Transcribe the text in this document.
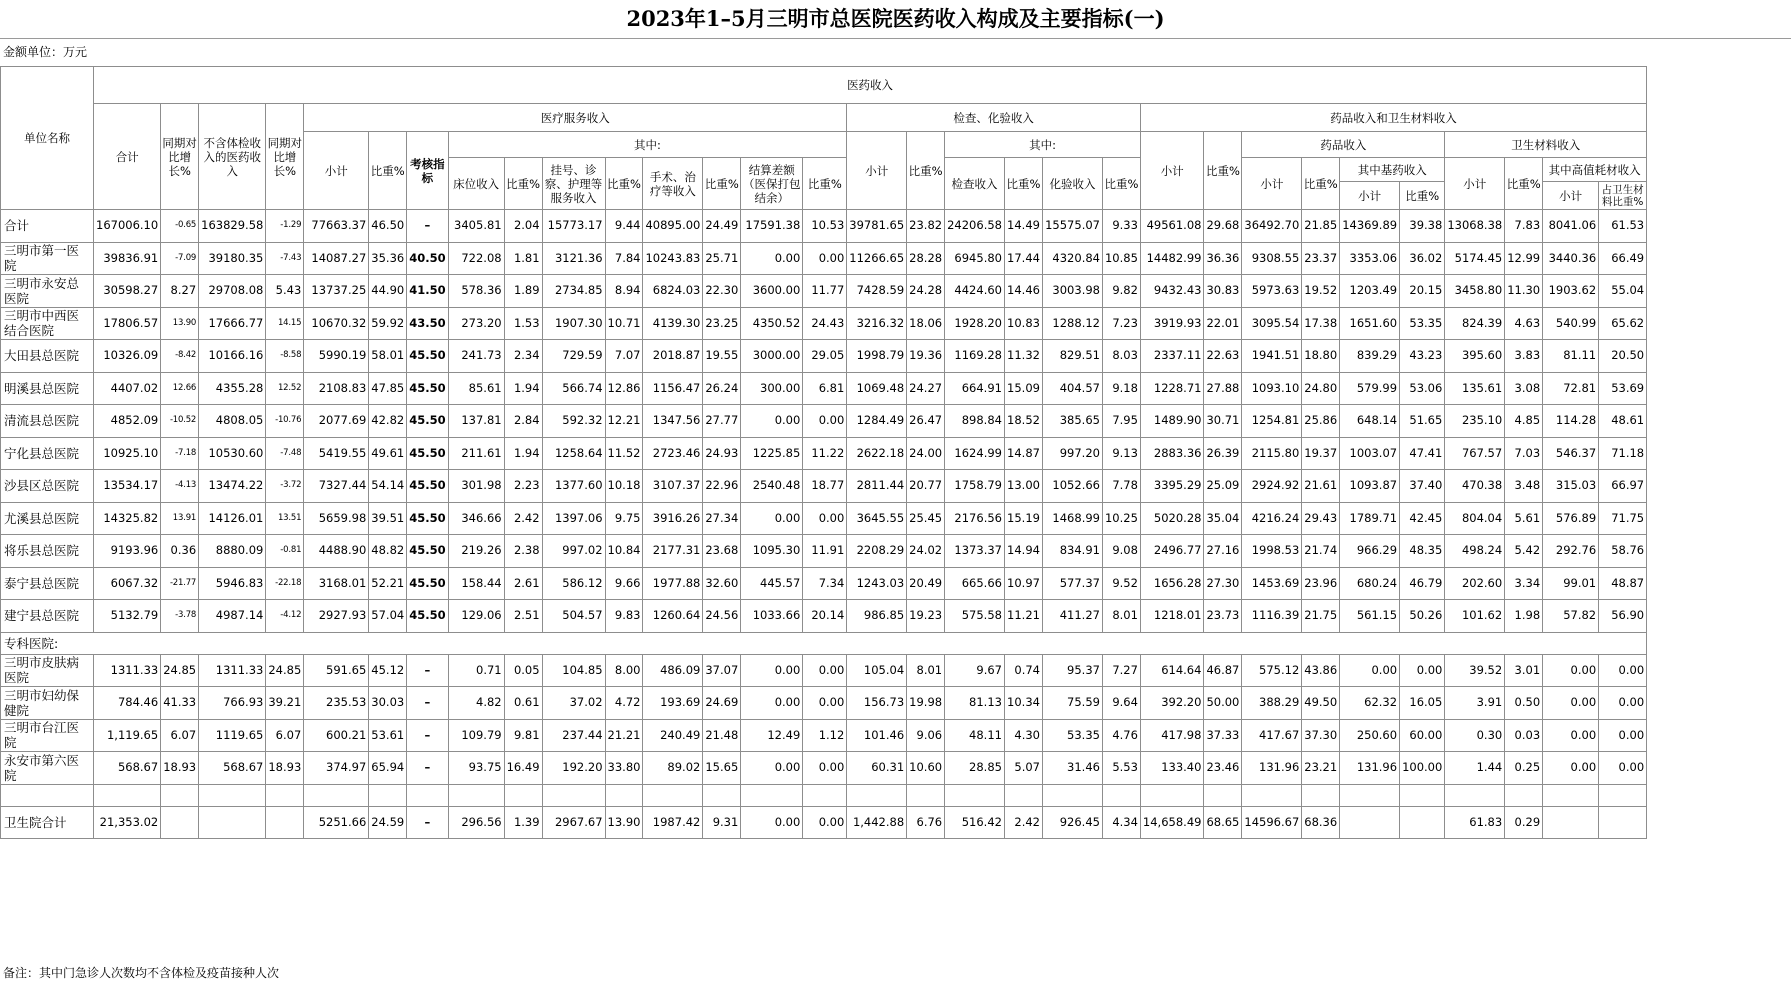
2023年1–5月三明市总医院医药收入构成及主要指标(一)
金额单位：万元
单位名称	医药收入																														
	合计	同期对比增长%	不含体检收入的医药收入	同期对比增长%	医疗服务收入											检查、化验收入						药品收入和卫生材料收入									
					小计	比重%	考核指标	其中:								小计	比重%	其中:				小计	比重%	药品收入				卫生材料收入			
								床位收入	比重%	挂号、诊察、护理等服务收入	比重%	手术、治疗等收入	比重%	结算差额（医保打包结余）	比重%			检查收入	比重%	化验收入	比重%			小计	比重%	其中基药收入		小计	比重%	其中高值耗材收入	
																										小计	比重%			小计	占卫生材料比重%
合计	167006.10	-0.65	163829.58	-1.29	77663.37	46.50	–	3405.81	2.04	15773.17	9.44	40895.00	24.49	17591.38	10.53	39781.65	23.82	24206.58	14.49	15575.07	9.33	49561.08	29.68	36492.70	21.85	14369.89	39.38	13068.38	7.83	8041.06	61.53
三明市第一医院	39836.91	-7.09	39180.35	-7.43	14087.27	35.36	40.50	722.08	1.81	3121.36	7.84	10243.83	25.71	0.00	0.00	11266.65	28.28	6945.80	17.44	4320.84	10.85	14482.99	36.36	9308.55	23.37	3353.06	36.02	5174.45	12.99	3440.36	66.49
三明市永安总医院	30598.27	8.27	29708.08	5.43	13737.25	44.90	41.50	578.36	1.89	2734.85	8.94	6824.03	22.30	3600.00	11.77	7428.59	24.28	4424.60	14.46	3003.98	9.82	9432.43	30.83	5973.63	19.52	1203.49	20.15	3458.80	11.30	1903.62	55.04
三明市中西医结合医院	17806.57	13.90	17666.77	14.15	10670.32	59.92	43.50	273.20	1.53	1907.30	10.71	4139.30	23.25	4350.52	24.43	3216.32	18.06	1928.20	10.83	1288.12	7.23	3919.93	22.01	3095.54	17.38	1651.60	53.35	824.39	4.63	540.99	65.62
大田县总医院	10326.09	-8.42	10166.16	-8.58	5990.19	58.01	45.50	241.73	2.34	729.59	7.07	2018.87	19.55	3000.00	29.05	1998.79	19.36	1169.28	11.32	829.51	8.03	2337.11	22.63	1941.51	18.80	839.29	43.23	395.60	3.83	81.11	20.50
明溪县总医院	4407.02	12.66	4355.28	12.52	2108.83	47.85	45.50	85.61	1.94	566.74	12.86	1156.47	26.24	300.00	6.81	1069.48	24.27	664.91	15.09	404.57	9.18	1228.71	27.88	1093.10	24.80	579.99	53.06	135.61	3.08	72.81	53.69
清流县总医院	4852.09	-10.52	4808.05	-10.76	2077.69	42.82	45.50	137.81	2.84	592.32	12.21	1347.56	27.77	0.00	0.00	1284.49	26.47	898.84	18.52	385.65	7.95	1489.90	30.71	1254.81	25.86	648.14	51.65	235.10	4.85	114.28	48.61
宁化县总医院	10925.10	-7.18	10530.60	-7.48	5419.55	49.61	45.50	211.61	1.94	1258.64	11.52	2723.46	24.93	1225.85	11.22	2622.18	24.00	1624.99	14.87	997.20	9.13	2883.36	26.39	2115.80	19.37	1003.07	47.41	767.57	7.03	546.37	71.18
沙县区总医院	13534.17	-4.13	13474.22	-3.72	7327.44	54.14	45.50	301.98	2.23	1377.60	10.18	3107.37	22.96	2540.48	18.77	2811.44	20.77	1758.79	13.00	1052.66	7.78	3395.29	25.09	2924.92	21.61	1093.87	37.40	470.38	3.48	315.03	66.97
尤溪县总医院	14325.82	13.91	14126.01	13.51	5659.98	39.51	45.50	346.66	2.42	1397.06	9.75	3916.26	27.34	0.00	0.00	3645.55	25.45	2176.56	15.19	1468.99	10.25	5020.28	35.04	4216.24	29.43	1789.71	42.45	804.04	5.61	576.89	71.75
将乐县总医院	9193.96	0.36	8880.09	-0.81	4488.90	48.82	45.50	219.26	2.38	997.02	10.84	2177.31	23.68	1095.30	11.91	2208.29	24.02	1373.37	14.94	834.91	9.08	2496.77	27.16	1998.53	21.74	966.29	48.35	498.24	5.42	292.76	58.76
泰宁县总医院	6067.32	-21.77	5946.83	-22.18	3168.01	52.21	45.50	158.44	2.61	586.12	9.66	1977.88	32.60	445.57	7.34	1243.03	20.49	665.66	10.97	577.37	9.52	1656.28	27.30	1453.69	23.96	680.24	46.79	202.60	3.34	99.01	48.87
建宁县总医院	5132.79	-3.78	4987.14	-4.12	2927.93	57.04	45.50	129.06	2.51	504.57	9.83	1260.64	24.56	1033.66	20.14	986.85	19.23	575.58	11.21	411.27	8.01	1218.01	23.73	1116.39	21.75	561.15	50.26	101.62	1.98	57.82	56.90
专科医院:																															
三明市皮肤病医院	1311.33	24.85	1311.33	24.85	591.65	45.12	–	0.71	0.05	104.85	8.00	486.09	37.07	0.00	0.00	105.04	8.01	9.67	0.74	95.37	7.27	614.64	46.87	575.12	43.86	0.00	0.00	39.52	3.01	0.00	0.00
三明市妇幼保健院	784.46	41.33	766.93	39.21	235.53	30.03	–	4.82	0.61	37.02	4.72	193.69	24.69	0.00	0.00	156.73	19.98	81.13	10.34	75.59	9.64	392.20	50.00	388.29	49.50	62.32	16.05	3.91	0.50	0.00	0.00
三明市台江医院	1,119.65	6.07	1119.65	6.07	600.21	53.61	–	109.79	9.81	237.44	21.21	240.49	21.48	12.49	1.12	101.46	9.06	48.11	4.30	53.35	4.76	417.98	37.33	417.67	37.30	250.60	60.00	0.30	0.03	0.00	0.00
永安市第六医院	568.67	18.93	568.67	18.93	374.97	65.94	–	93.75	16.49	192.20	33.80	89.02	15.65	0.00	0.00	60.31	10.60	28.85	5.07	31.46	5.53	133.40	23.46	131.96	23.21	131.96	100.00	1.44	0.25	0.00	0.00

卫生院合计	21,353.02				5251.66	24.59	–	296.56	1.39	2967.67	13.90	1987.42	9.31	0.00	0.00	1,442.88	6.76	516.42	2.42	926.45	4.34	14,658.49	68.65	14596.67	68.36			61.83	0.29		
备注：其中门急诊人次数均不含体检及疫苗接种人次
